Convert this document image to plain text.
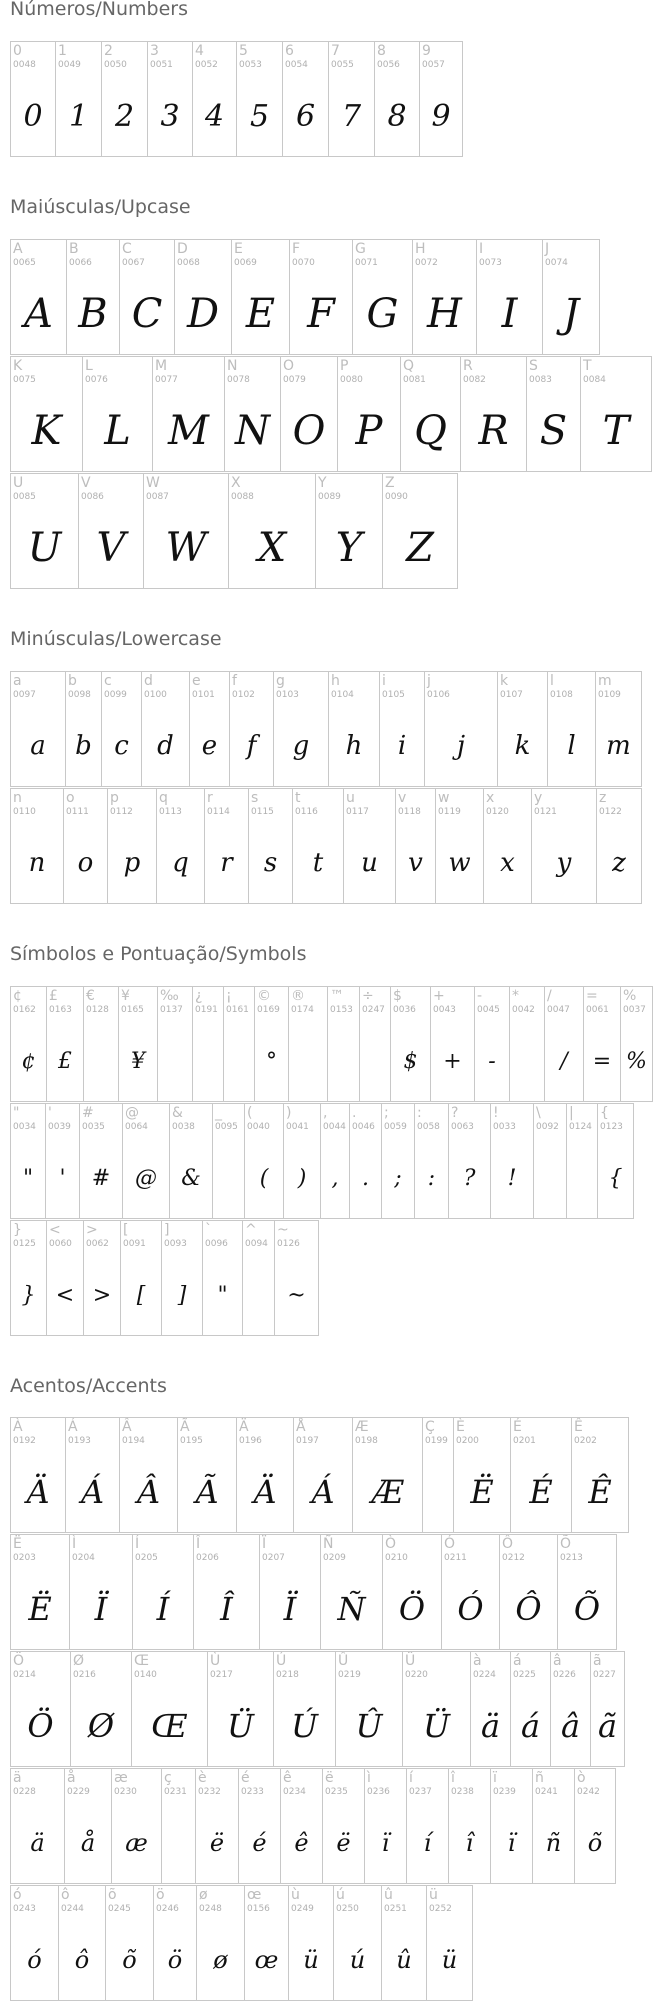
Números/Numbers
Maiúsculas/Upcase
Minúsculas/Lowercase
Símbolos e Pontuação/Symbols
Acentos/Accents
0
0048
0
1
0049
1
2
0050
2
3
0051
3
4
0052
4
5
0053
5
6
0054
6
7
0055
7
8
0056
8
9
0057
9
A
0065
A
B
0066
B
C
0067
C
D
0068
D
E
0069
E
F
0070
F
G
0071
G
H
0072
H
I
0073
I
J
0074
J
K
0075
K
L
0076
L
M
0077
M
N
0078
N
O
0079
O
P
0080
P
Q
0081
Q
R
0082
R
S
0083
S
T
0084
T
U
0085
U
V
0086
V
W
0087
W
X
0088
X
Y
0089
Y
Z
0090
Z
a
0097
a
b
0098
b
c
0099
c
d
0100
d
e
0101
e
f
0102
f
g
0103
g
h
0104
h
i
0105
i
j
0106
j
k
0107
k
l
0108
l
m
0109
m
n
0110
n
o
0111
o
p
0112
p
q
0113
q
r
0114
r
s
0115
s
t
0116
t
u
0117
u
v
0118
v
w
0119
w
x
0120
x
y
0121
y
z
0122
z
¢
0162
¢
£
0163
£
€
0128
¥
0165
¥
‰
0137
¿
0191
¡
0161
©
0169
°
®
0174
™
0153
÷
0247
$
0036
$
+
0043
+
-
0045
-
*
0042
/
0047
/
=
0061
=
%
0037
%
"
0034
"
'
0039
'
#
0035
#
@
0064
@
&
0038
&
_
0095
(
0040
(
)
0041
)
,
0044
,
.
0046
.
;
0059
;
:
0058
:
?
0063
?
!
0033
!
\
0092
|
0124
{
0123
{
}
0125
}
<
0060
<
>
0062
>
[
0091
[
]
0093
]
`
0096
"
^
0094
~
0126
~
À
0192
Ä
Á
0193
Á
Â
0194
Â
Ã
0195
Ã
Ä
0196
Ä
Å
0197
Á
Æ
0198
Æ
Ç
0199
È
0200
Ë
É
0201
É
Ê
0202
Ê
Ë
0203
Ë
Ì
0204
Ï
Í
0205
Í
Î
0206
Î
Ï
0207
Ï
Ñ
0209
Ñ
Ò
0210
Ö
Ó
0211
Ó
Ô
0212
Ô
Õ
0213
Õ
Ö
0214
Ö
Ø
0216
Ø
Œ
0140
Œ
Ù
0217
Ü
Ú
0218
Ú
Û
0219
Û
Ü
0220
Ü
à
0224
ä
á
0225
á
â
0226
â
ã
0227
ã
ä
0228
ä
å
0229
å
æ
0230
æ
ç
0231
è
0232
ë
é
0233
é
ê
0234
ê
ë
0235
ë
ì
0236
ï
í
0237
í
î
0238
î
ï
0239
ï
ñ
0241
ñ
ò
0242
õ
ó
0243
ó
ô
0244
ô
õ
0245
õ
ö
0246
ö
ø
0248
ø
œ
0156
œ
ù
0249
ü
ú
0250
ú
û
0251
û
ü
0252
ü
